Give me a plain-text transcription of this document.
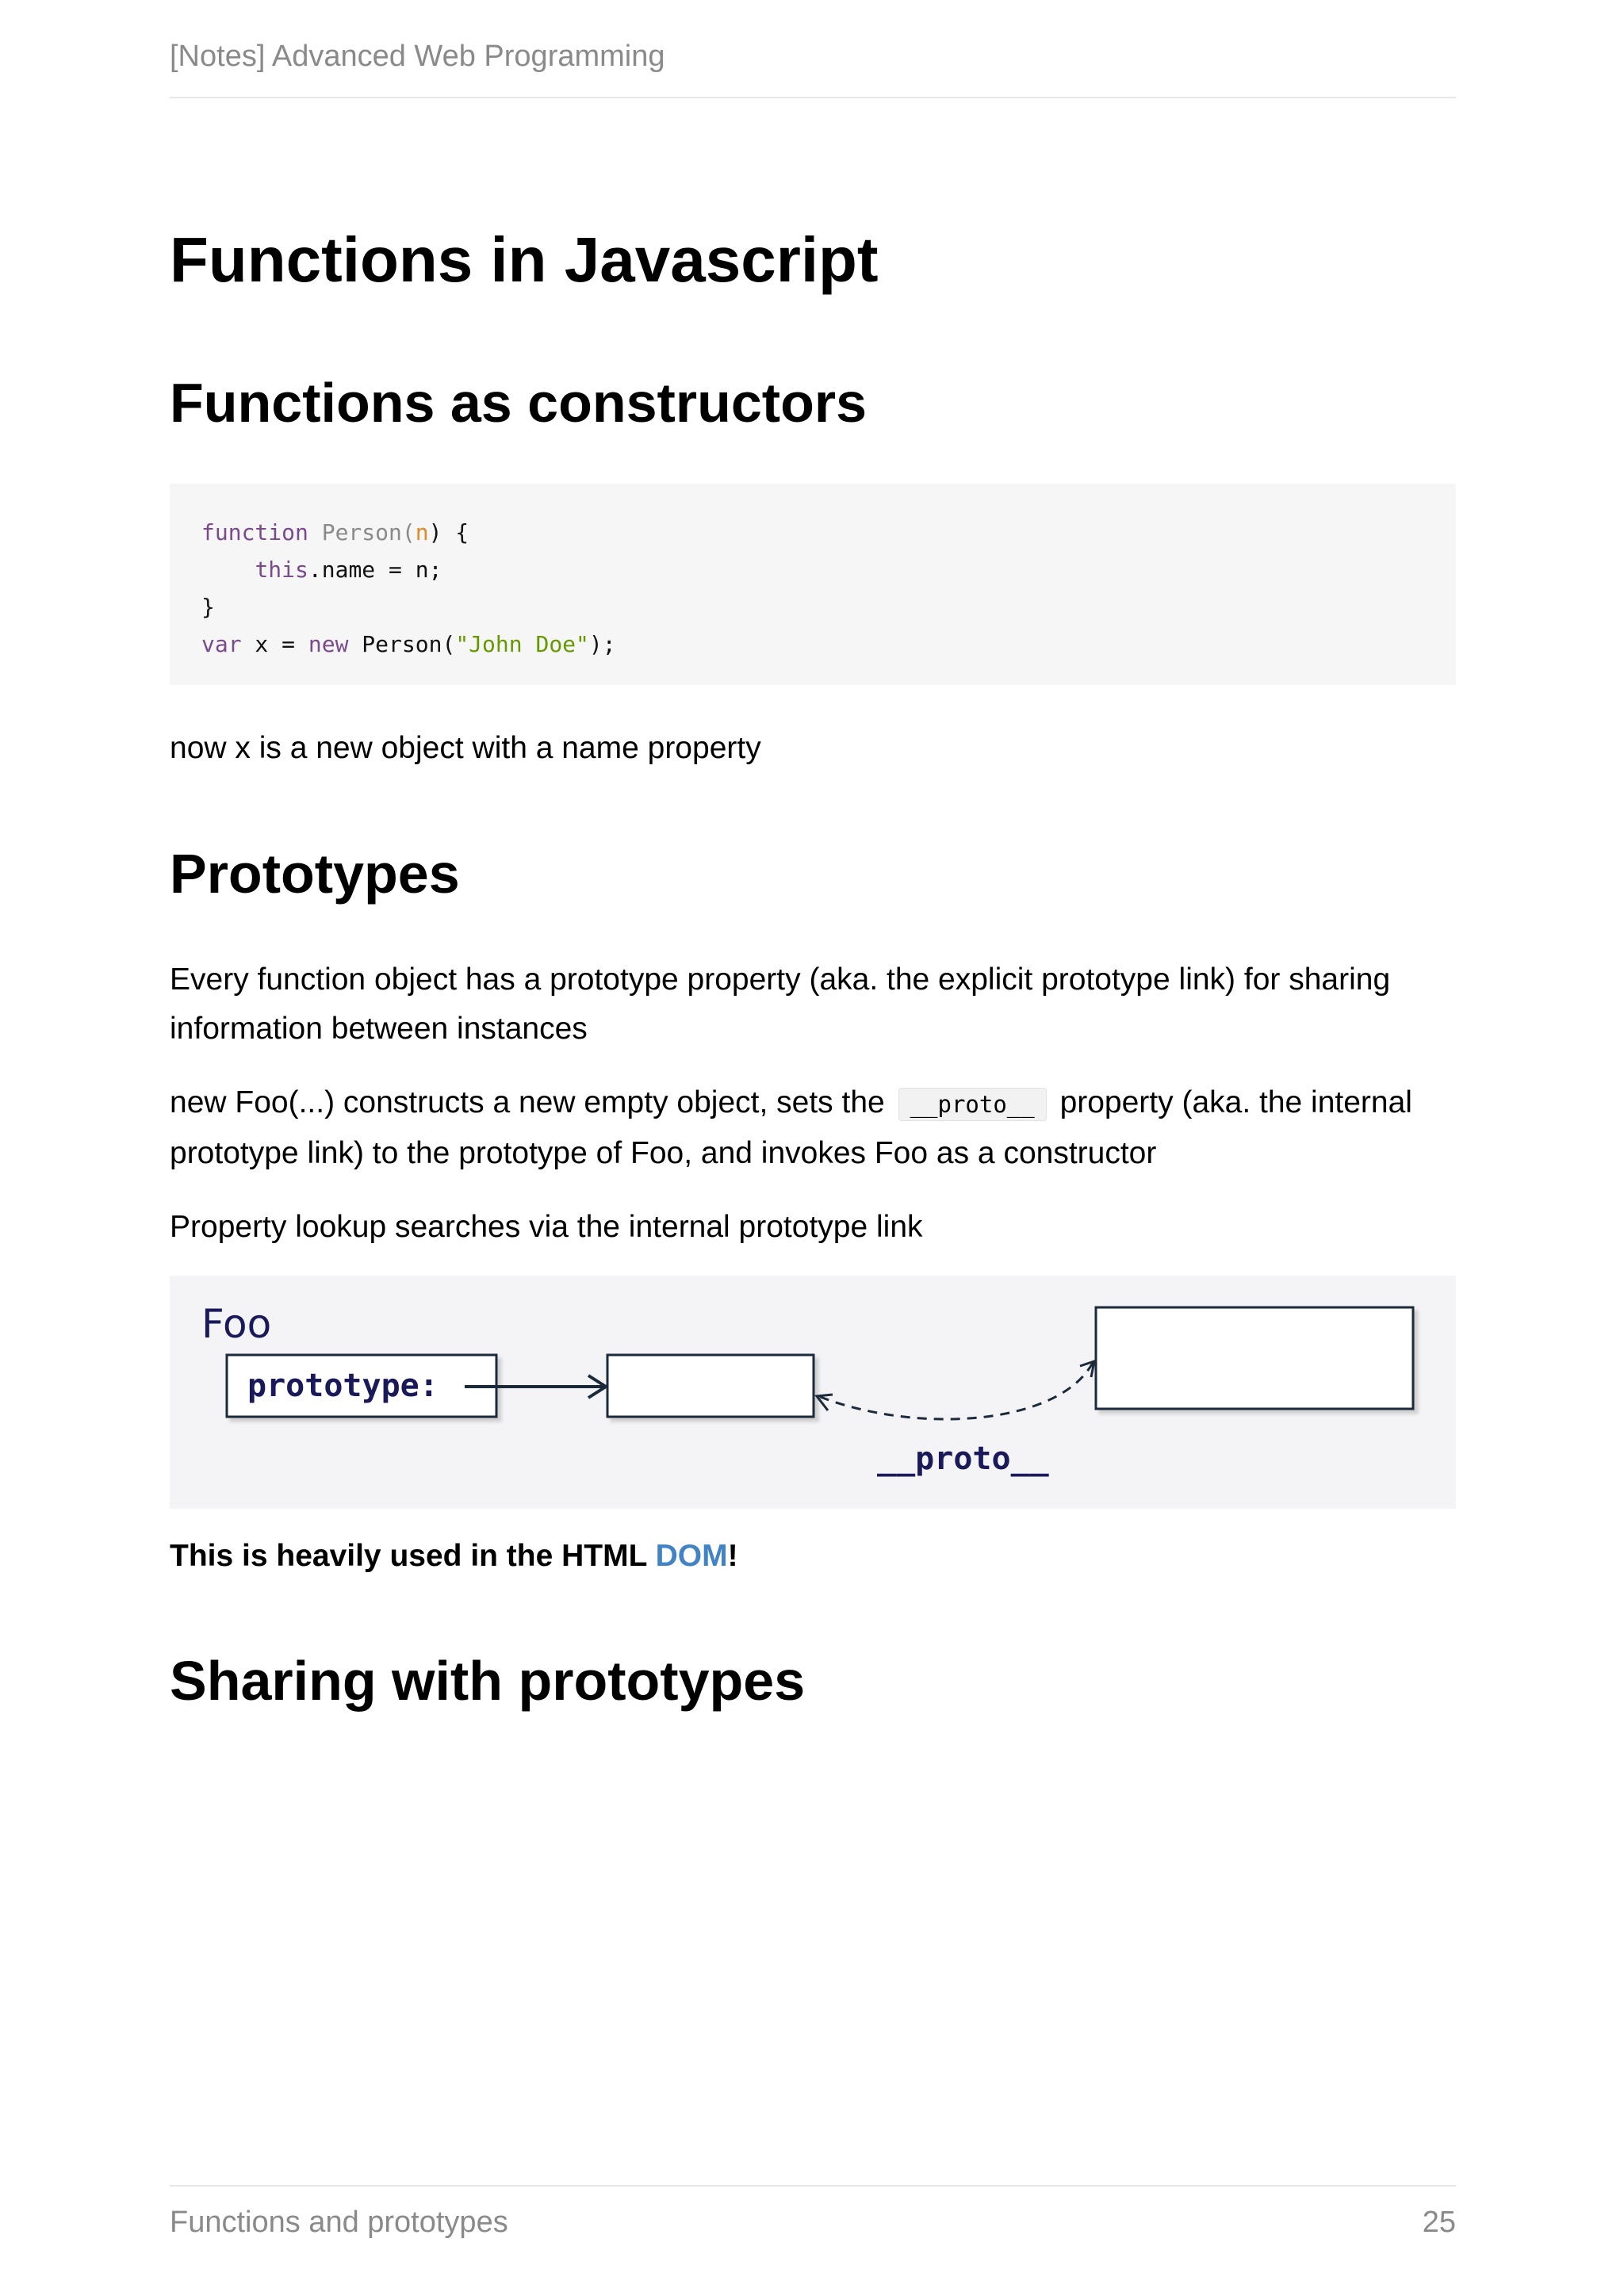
[Notes] Advanced Web Programming
Functions in Javascript
Functions as constructors
function Person(n) {
this.name = n;
}
var x = new Person("John Doe");

now x is a new object with a name property

Prototypes

Every function object has a prototype property (aka. the explicit prototype link) for sharing information between instances

new Foo(...) constructs a new empty object, sets the __proto__ property (aka. the internal prototype link) to the prototype of Foo, and invokes Foo as a constructor

Property lookup searches via the internal prototype link

Foo
prototype:
__proto__

This is heavily used in the HTML DOM!

Sharing with prototypes
Functions and prototypes	25
